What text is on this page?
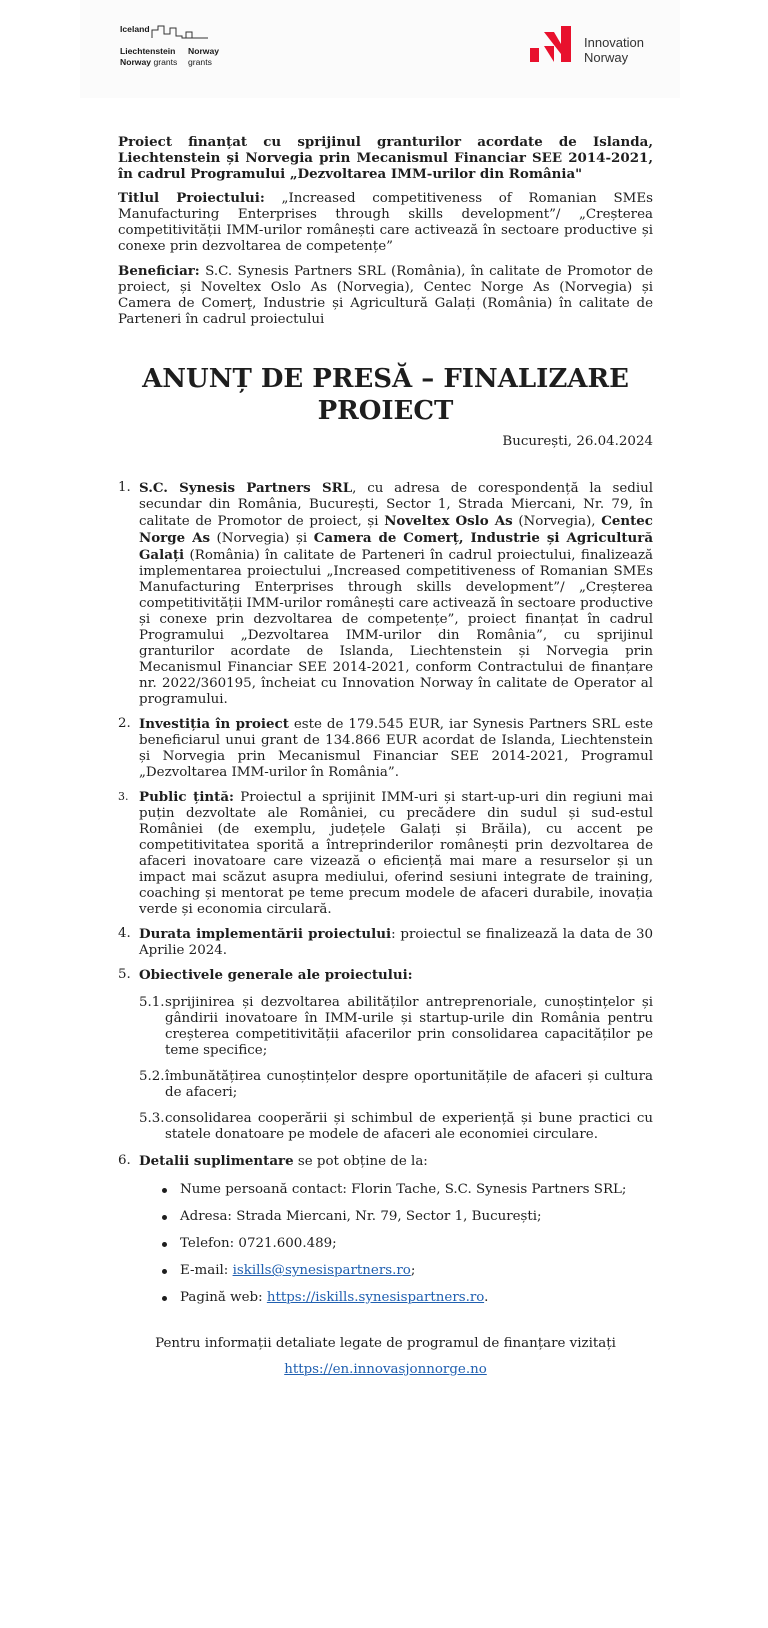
Iceland
Liechtenstein
Norway grants
Norway
grants
Innovation
Norway

Proiect finanțat cu sprijinul granturilor acordate de Islanda, Liechtenstein și Norvegia prin Mecanismul Financiar SEE 2014-2021, în cadrul Programului „Dezvoltarea IMM-urilor din România"

Titlul Proiectului: „Increased competitiveness of Romanian SMEs Manufacturing Enterprises through skills development”/ „Creșterea competitivității IMM-urilor românești care activează în sectoare productive și conexe prin dezvoltarea de competențe”

Beneficiar: S.C. Synesis Partners SRL (România), în calitate de Promotor de proiect, și Noveltex Oslo As (Norvegia), Centec Norge As (Norvegia) și Camera de Comerț, Industrie și Agricultură Galați (România) în calitate de Parteneri în cadrul proiectului

ANUNȚ DE PRESĂ – FINALIZARE PROIECT
București, 26.04.2024
1. S.C. Synesis Partners SRL, cu adresa de corespondență la sediul secundar din România, București, Sector 1, Strada Miercani, Nr. 79, în calitate de Promotor de proiect, și Noveltex Oslo As (Norvegia), Centec Norge As (Norvegia) și Camera de Comerț, Industrie și Agricultură Galați (România) în calitate de Parteneri în cadrul proiectului, finalizează implementarea proiectului „Increased competitiveness of Romanian SMEs Manufacturing Enterprises through skills development”/ „Creșterea competitivității IMM-urilor românești care activează în sectoare productive și conexe prin dezvoltarea de competențe”, proiect finanțat în cadrul Programului „Dezvoltarea IMM-urilor din România”, cu sprijinul granturilor acordate de Islanda, Liechtenstein și Norvegia prin Mecanismul Financiar SEE 2014-2021, conform Contractului de finanțare nr. 2022/360195, încheiat cu Innovation Norway în calitate de Operator al programului.
2. Investiția în proiect este de 179.545 EUR, iar Synesis Partners SRL este beneficiarul unui grant de 134.866 EUR acordat de Islanda, Liechtenstein și Norvegia prin Mecanismul Financiar SEE 2014-2021, Programul „Dezvoltarea IMM-urilor în România”.
3. Public țintă: Proiectul a sprijinit IMM-uri și start-up-uri din regiuni mai puțin dezvoltate ale României, cu precădere din sudul și sud-estul României (de exemplu, județele Galați și Brăila), cu accent pe competitivitatea sporită a întreprinderilor românești prin dezvoltarea de afaceri inovatoare care vizează o eficiență mai mare a resurselor și un impact mai scăzut asupra mediului, oferind sesiuni integrate de training, coaching și mentorat pe teme precum modele de afaceri durabile, inovația verde și economia circulară.
4. Durata implementării proiectului: proiectul se finalizează la data de 30 Aprilie 2024.
5. Obiectivele generale ale proiectului:
5.1. sprijinirea și dezvoltarea abilităților antreprenoriale, cunoștințelor și gândirii inovatoare în IMM-urile și startup-urile din România pentru creșterea competitivității afacerilor prin consolidarea capacităților pe teme specifice;
5.2. îmbunătățirea cunoștințelor despre oportunitățile de afaceri și cultura de afaceri;
5.3. consolidarea cooperării și schimbul de experiență și bune practici cu statele donatoare pe modele de afaceri ale economiei circulare.
6. Detalii suplimentare se pot obține de la:
Nume persoană contact: Florin Tache, S.C. Synesis Partners SRL;
Adresa: Strada Miercani, Nr. 79, Sector 1, București;
Telefon: 0721.600.489;
E-mail: iskills@synesispartners.ro;
Pagină web: https://iskills.synesispartners.ro.
Pentru informații detaliate legate de programul de finanțare vizitați
https://en.innovasjonnorge.no
